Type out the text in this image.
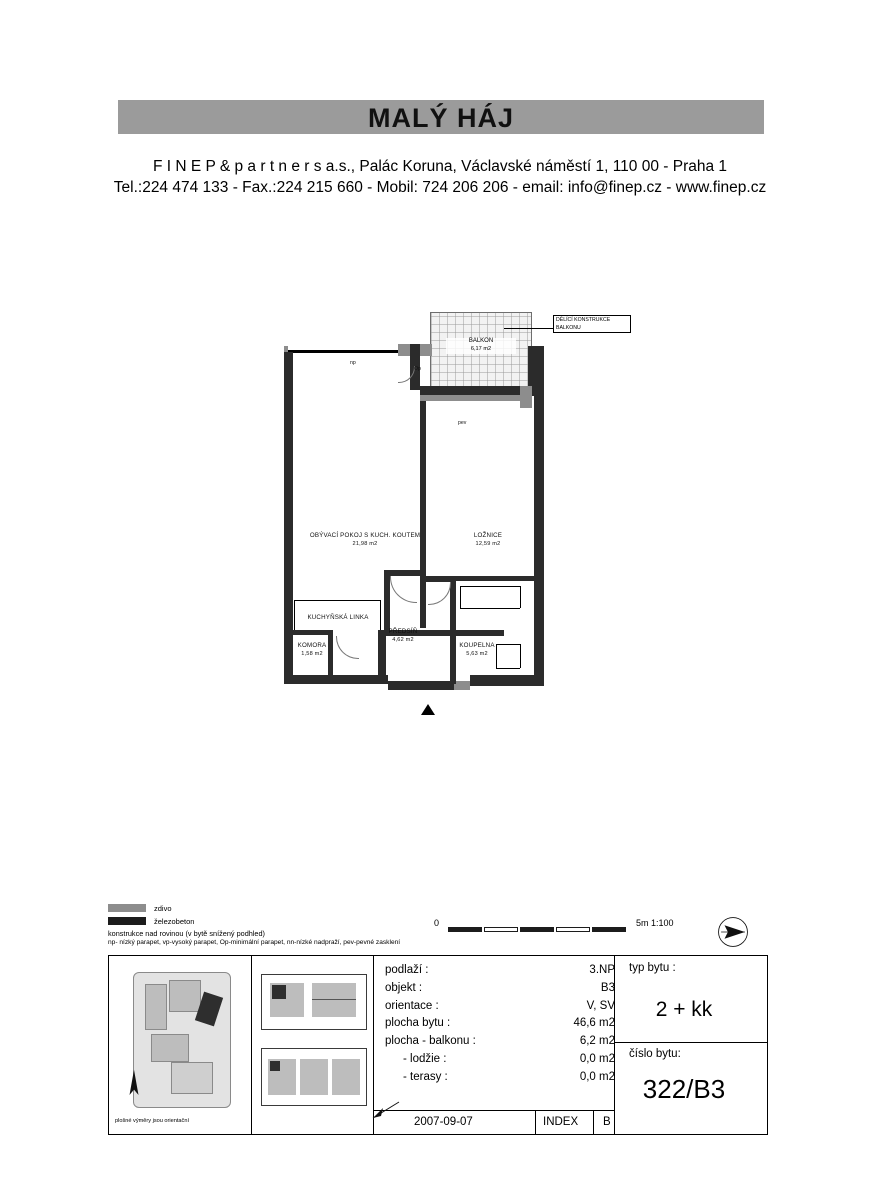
MALÝ HÁJ
F I N E P & p a r t n e r s a.s., Palác Koruna, Václavské náměstí 1, 110 00 - Praha 1
Tel.:224 474 133 - Fax.:224 215 660 - Mobil: 724 206 206 - email: info@finep.cz - www.finep.cz
BALKON
6,17 m2
DĚLÍCÍ KONSTRUKCE
BALKONU
np
Op
pev
OBÝVACÍ POKOJ S KUCH. KOUTEM
21,98 m2
LOŽNICE
12,59 m2
PŘEDSÍŇ
4,62 m2
KOUPELNA
5,63 m2
KOMORA
1,58 m2
KUCHYŇSKÁ LINKA
zdivo
železobeton
konstrukce nad rovinou (v bytě snížený podhled)
np- nízký parapet, vp-vysoký parapet, Op-minimální parapet, nn-nízké nadpraží, pev-pevné zasklení
0	5m 1:100
plošné výměry jsou orientační
podlaží :	3.NP
objekt :	B3
orientace :	V, SV
plocha bytu :	46,6 m2
plocha - balkonu :	6,2 m2
- lodžie :	0,0 m2
- terasy :	0,0 m2
typ bytu :
2 + kk
číslo bytu:
322/B3
2007-09-07	INDEX B
